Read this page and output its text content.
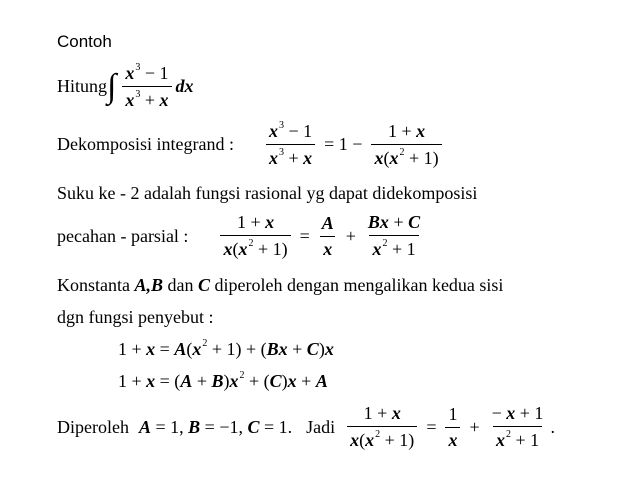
Contoh
Hitung ∫ $\frac{x^3 - 1}{x^3 + x}$ dx
Dekomposisi integrand : $\frac{x^3 - 1}{x^3 + x} = 1 - \frac{1 + x}{x(x^2 + 1)}$
Suku ke - 2 adalah fungsi rasional yg dapat didekomposisi
pecahan - parsial : $\frac{1 + x}{x(x^2 + 1)} = \frac{A}{x} + \frac{Bx + C}{x^2 + 1}$
Konstanta A,B dan C diperoleh dengan mengalikan kedua sisi
dgn fungsi penyebut :
$1 + x = A(x^2 + 1) + (Bx + C)x$
$1 + x = (A + B)x^2 + (C)x + A$
Diperoleh A = 1, B = −1, C = 1. Jadi $\frac{1 + x}{x(x^2 + 1)} = \frac{1}{x} + \frac{- x + 1}{x^2 + 1}$ .
